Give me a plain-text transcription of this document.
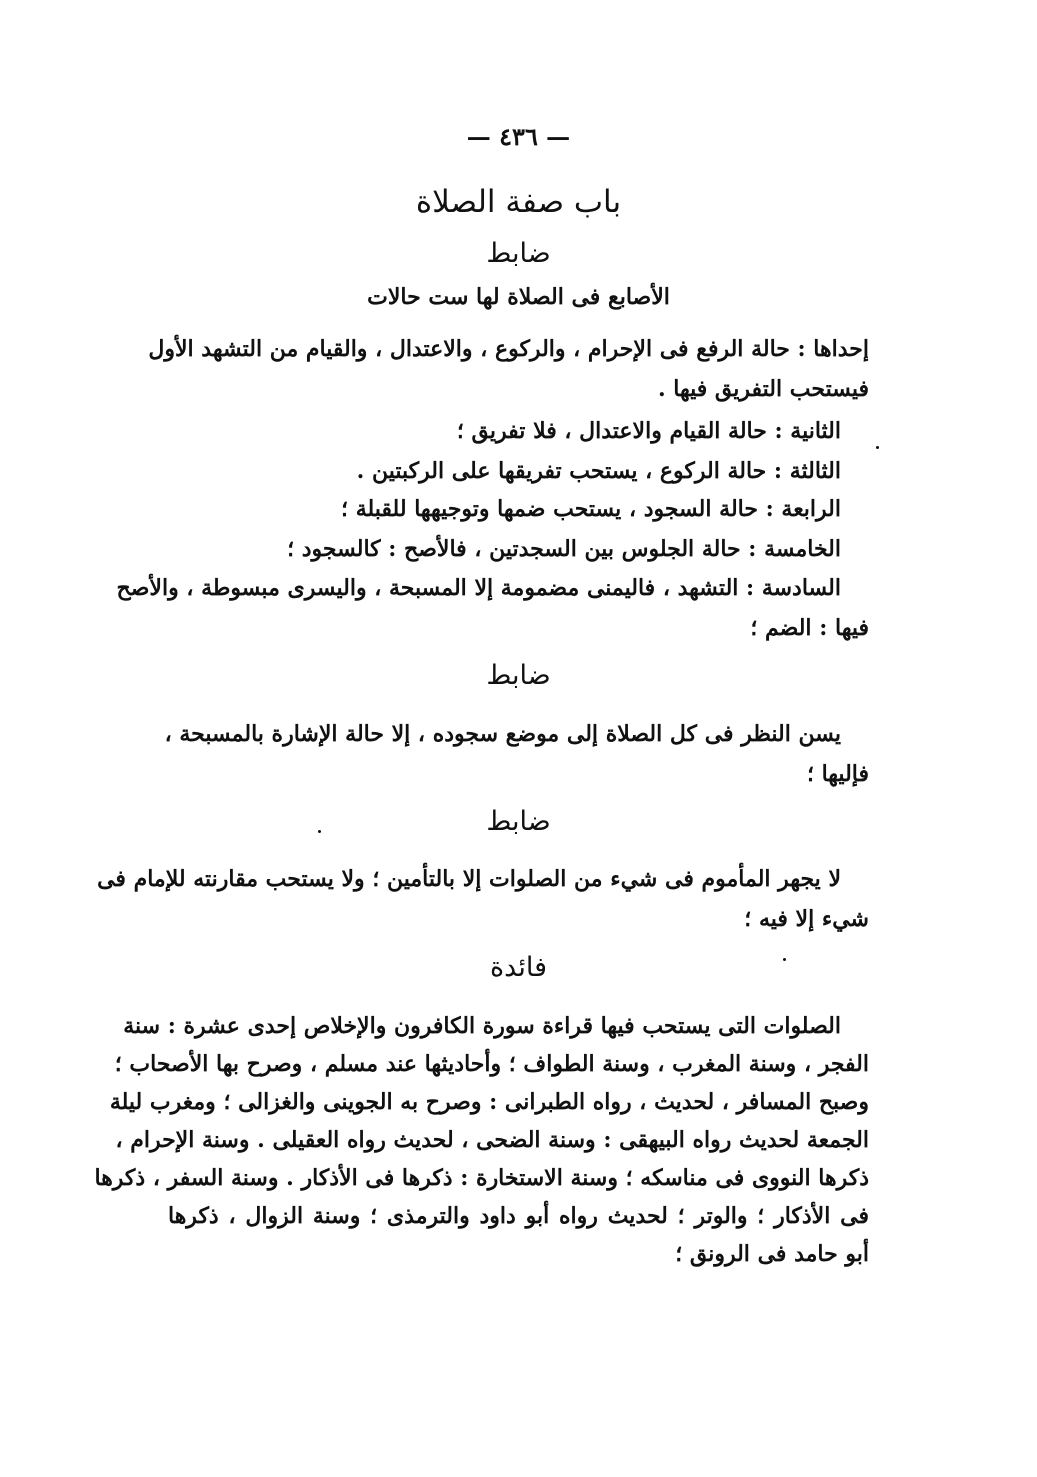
— ٤٣٦ —
باب صفة الصلاة
ضابط
الأصابع فى الصلاة لها ست حالات
إحداها : حالة الرفع فى الإحرام ، والركوع ، والاعتدال ، والقيام من التشهد الأول
فيستحب التفريق فيها .
الثانية : حالة القيام والاعتدال ، فلا تفريق ؛
الثالثة : حالة الركوع ، يستحب تفريقها على الركبتين .
الرابعة : حالة السجود ، يستحب ضمها وتوجيهها للقبلة ؛
الخامسة : حالة الجلوس بين السجدتين ، فالأصح : كالسجود ؛
السادسة : التشهد ، فاليمنى مضمومة إلا المسبحة ، واليسرى مبسوطة ، والأصح
فيها : الضم ؛
ضابط
يسن النظر فى كل الصلاة إلى موضع سجوده ، إلا حالة الإشارة بالمسبحة ،
فإليها ؛
ضابط
لا يجهر المأموم فى شيء من الصلوات إلا بالتأمين ؛ ولا يستحب مقارنته للإمام فى
شيء إلا فيه ؛
فائدة
الصلوات التى يستحب فيها قراءة سورة الكافرون والإخلاص إحدى عشرة : سنة
الفجر ، وسنة المغرب ، وسنة الطواف ؛ وأحاديثها عند مسلم ، وصرح بها الأصحاب ؛
وصبح المسافر ، لحديث ، رواه الطبرانى : وصرح به الجوينى والغزالى ؛ ومغرب ليلة
الجمعة لحديث رواه البيهقى : وسنة الضحى ، لحديث رواه العقيلى . وسنة الإحرام ،
ذكرها النووى فى مناسكه ؛ وسنة الاستخارة : ذكرها فى الأذكار . وسنة السفر ، ذكرها
فى الأذكار ؛ والوتر ؛ لحديث رواه أبو داود والترمذى ؛ وسنة الزوال ، ذكرها
أبو حامد فى الرونق ؛
